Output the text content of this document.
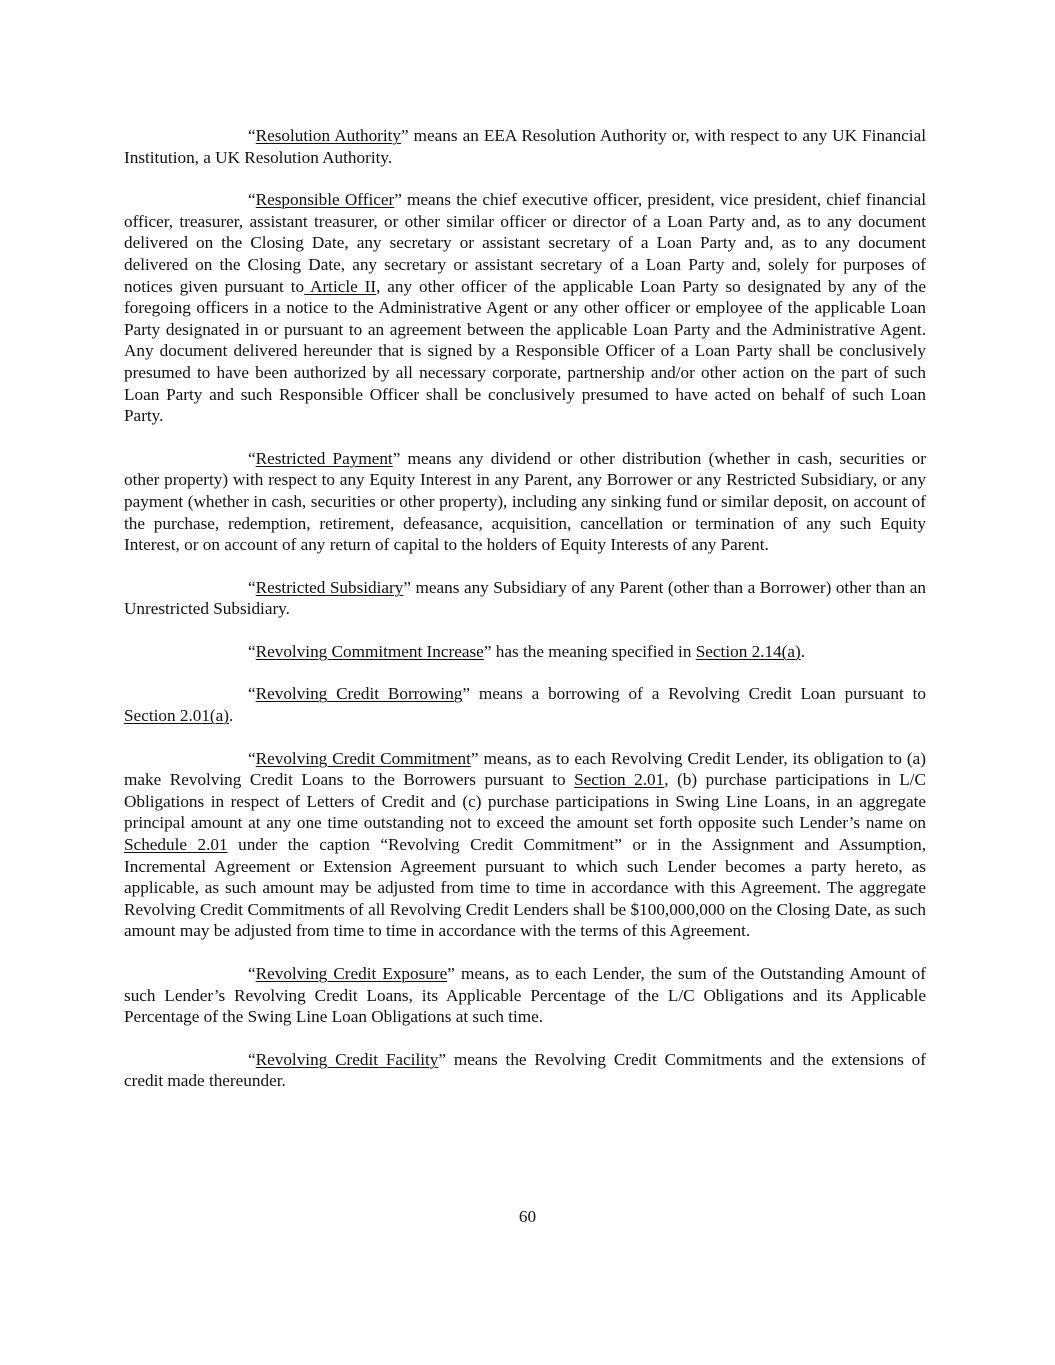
“Resolution Authority” means an EEA Resolution Authority or, with respect to any UK Financial Institution, a UK Resolution Authority.

“Responsible Officer” means the chief executive officer, president, vice president, chief financial officer, treasurer, assistant treasurer, or other similar officer or director of a Loan Party and, as to any document delivered on the Closing Date, any secretary or assistant secretary of a Loan Party and, as to any document delivered on the Closing Date, any secretary or assistant secretary of a Loan Party and, solely for purposes of notices given pursuant to Article II, any other officer of the applicable Loan Party so designated by any of the foregoing officers in a notice to the Administrative Agent or any other officer or employee of the applicable Loan Party designated in or pursuant to an agreement between the applicable Loan Party and the Administrative Agent. Any document delivered hereunder that is signed by a Responsible Officer of a Loan Party shall be conclusively presumed to have been authorized by all necessary corporate, partnership and/or other action on the part of such Loan Party and such Responsible Officer shall be conclusively presumed to have acted on behalf of such Loan Party.

“Restricted Payment” means any dividend or other distribution (whether in cash, securities or other property) with respect to any Equity Interest in any Parent, any Borrower or any Restricted Subsidiary, or any payment (whether in cash, securities or other property), including any sinking fund or similar deposit, on account of the purchase, redemption, retirement, defeasance, acquisition, cancellation or termination of any such Equity Interest, or on account of any return of capital to the holders of Equity Interests of any Parent.

“Restricted Subsidiary” means any Subsidiary of any Parent (other than a Borrower) other than an Unrestricted Subsidiary.

“Revolving Commitment Increase” has the meaning specified in Section 2.14(a).

“Revolving Credit Borrowing” means a borrowing of a Revolving Credit Loan pursuant to Section 2.01(a).

“Revolving Credit Commitment” means, as to each Revolving Credit Lender, its obligation to (a) make Revolving Credit Loans to the Borrowers pursuant to Section 2.01, (b) purchase participations in L/C Obligations in respect of Letters of Credit and (c) purchase participations in Swing Line Loans, in an aggregate principal amount at any one time outstanding not to exceed the amount set forth opposite such Lender’s name on Schedule 2.01 under the caption “Revolving Credit Commitment” or in the Assignment and Assumption, Incremental Agreement or Extension Agreement pursuant to which such Lender becomes a party hereto, as applicable, as such amount may be adjusted from time to time in accordance with this Agreement. The aggregate Revolving Credit Commitments of all Revolving Credit Lenders shall be $100,000,000 on the Closing Date, as such amount may be adjusted from time to time in accordance with the terms of this Agreement.

“Revolving Credit Exposure” means, as to each Lender, the sum of the Outstanding Amount of such Lender’s Revolving Credit Loans, its Applicable Percentage of the L/C Obligations and its Applicable Percentage of the Swing Line Loan Obligations at such time.

“Revolving Credit Facility” means the Revolving Credit Commitments and the extensions of credit made thereunder.

60
